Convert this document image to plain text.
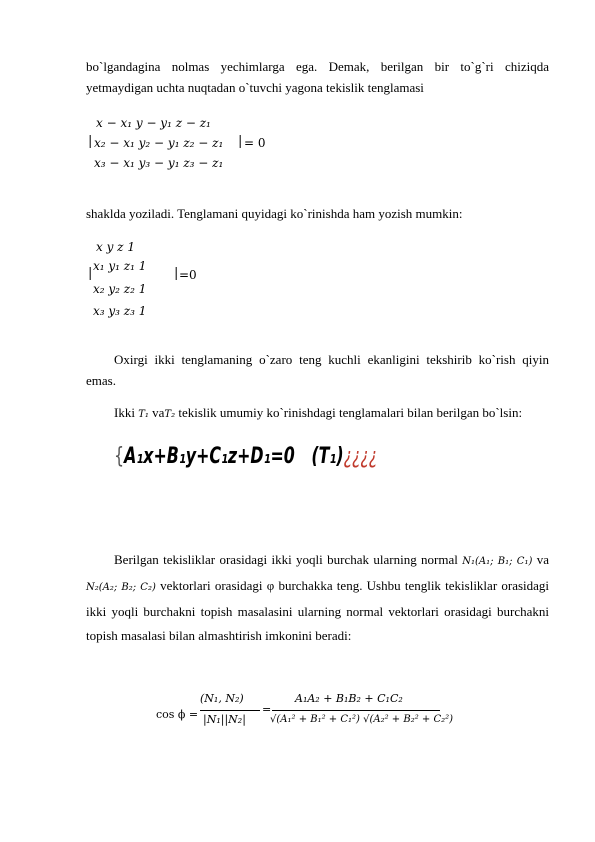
bo`lgandagina nolmas yechimlarga ega. Demak, berilgan bir to`g`ri chiziqda yetmaydigan uchta nuqtadan o`tuvchi yagona tekislik tenglamasi

|
x − x₁ y − y₁ z − z₁
x₂ − x₁ y₂ − y₁ z₂ − z₁
x₃ − x₁ y₃ − y₁ z₃ − z₁
| = 0

shaklda yoziladi. Tenglamani quyidagi ko`rinishda ham yozish mumkin:

|
x y z 1
x₁ y₁ z₁ 1
x₂ y₂ z₂ 1
x₃ y₃ z₃ 1
| =0

Oxirgi ikki tenglamaning o`zaro teng kuchli ekanligini tekshirib ko`rish qiyin emas.

Ikki T₁ vaT₂ tekislik umumiy ko`rinishdagi tenglamalari bilan berilgan bo`lsin:

{A₁x+B₁y+C₁z+D₁=0 (T₁)¿¿¿¿

Berilgan tekisliklar orasidagi ikki yoqli burchak ularning normal N₁(A₁; B₁; C₁) va N₂(A₂; B₂; C₂) vektorlari orasidagi φ burchakka teng. Ushbu tenglik tekisliklar orasidagi ikki yoqli burchakni topish masalasini ularning normal vektorlari orasidagi burchakni topish masalasi bilan almashtirish imkonini beradi:

cos ϕ =
(N₁, N₂)
|N₁||N₂|
=
A₁A₂ + B₁B₂ + C₁C₂
√(A₁² + B₁² + C₁²) √(A₂² + B₂² + C₂²)
